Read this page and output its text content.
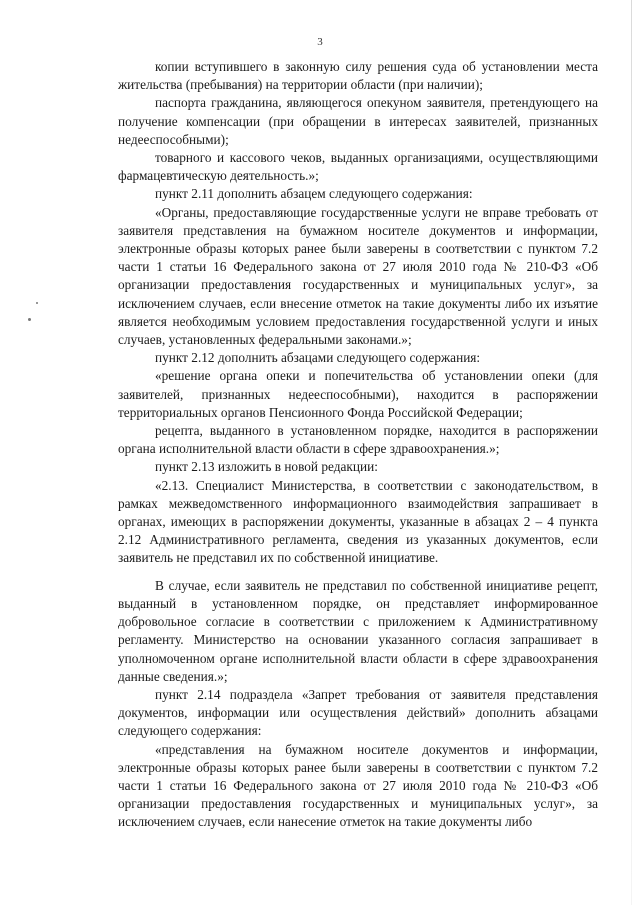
3

копии вступившего в законную силу решения суда об установлении места жительства (пребывания) на территории области (при наличии);

паспорта гражданина, являющегося опекуном заявителя, претендующего на получение компенсации (при обращении в интересах заявителей, признанных недееспособными);

товарного и кассового чеков, выданных организациями, осуществляющими фармацевтическую деятельность.»;

пункт 2.11 дополнить абзацем следующего содержания:

«Органы, предоставляющие государственные услуги не вправе требовать от заявителя представления на бумажном носителе документов и информации, электронные образы которых ранее были заверены в соответствии с пунктом 7.2 части 1 статьи 16 Федерального закона от 27 июля 2010 года № 210-ФЗ «Об организации предоставления государственных и муниципальных услуг», за исключением случаев, если внесение отметок на такие документы либо их изъятие является необходимым условием предоставления государственной услуги и иных случаев, установленных федеральными законами.»;

пункт 2.12 дополнить абзацами следующего содержания:

«решение органа опеки и попечительства об установлении опеки (для заявителей, признанных недееспособными), находится в распоряжении территориальных органов Пенсионного Фонда Российской Федерации;

рецепта, выданного в установленном порядке, находится в распоряжении органа исполнительной власти области в сфере здравоохранения.»;

пункт 2.13 изложить в новой редакции:

«2.13. Специалист Министерства, в соответствии с законодательством, в рамках межведомственного информационного взаимодействия запрашивает в органах, имеющих в распоряжении документы, указанные в абзацах 2 – 4 пункта 2.12 Административного регламента, сведения из указанных документов, если заявитель не представил их по собственной инициативе.

В случае, если заявитель не представил по собственной инициативе рецепт, выданный в установленном порядке, он представляет информированное добровольное согласие в соответствии с приложением к Административному регламенту. Министерство на основании указанного согласия запрашивает в уполномоченном органе исполнительной власти области в сфере здравоохранения данные сведения.»;

пункт 2.14 подраздела «Запрет требования от заявителя представления документов, информации или осуществления действий» дополнить абзацами следующего содержания:

«представления на бумажном носителе документов и информации, электронные образы которых ранее были заверены в соответствии с пунктом 7.2 части 1 статьи 16 Федерального закона от 27 июля 2010 года № 210-ФЗ «Об организации предоставления государственных и муниципальных услуг», за исключением случаев, если нанесение отметок на такие документы либо
